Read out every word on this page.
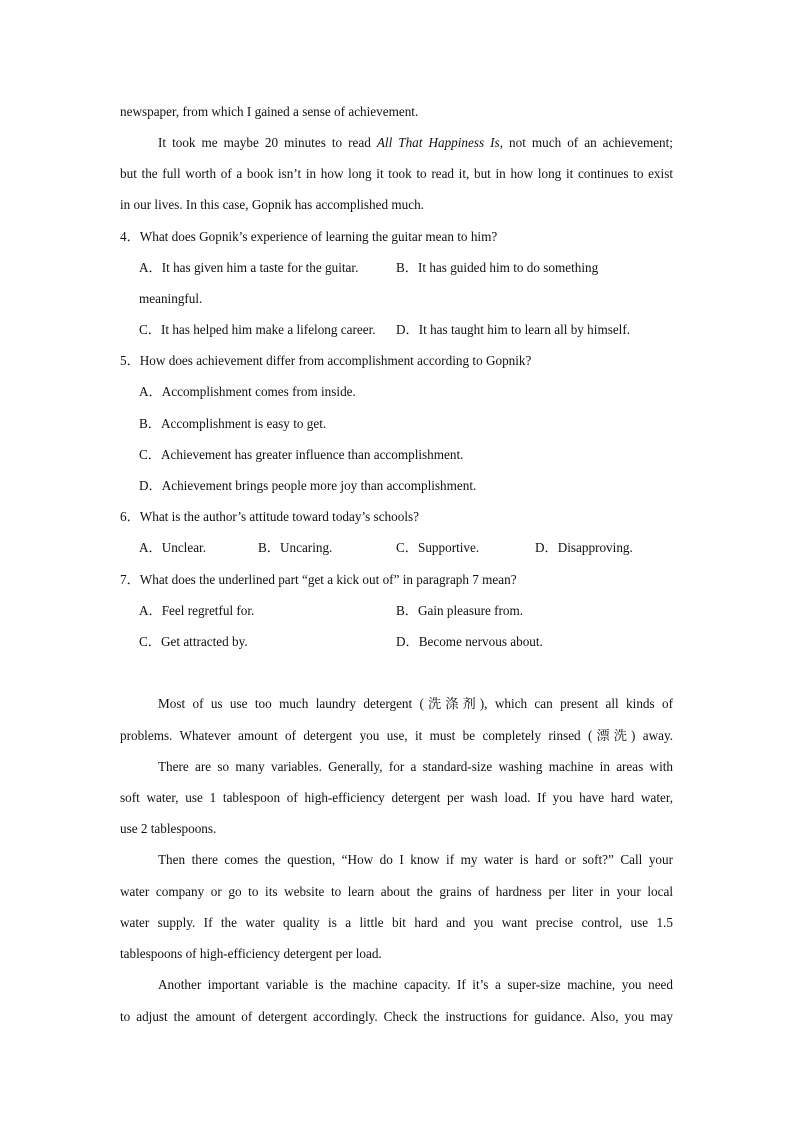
newspaper, from which I gained a sense of achievement.
It took me maybe 20 minutes to read All That Happiness Is, not much of an achievement;
but the full worth of a book isn’t in how long it took to read it, but in how long it continues to exist
in our lives. In this case, Gopnik has accomplished much.
4．What does Gopnik’s experience of learning the guitar mean to him?
A．It has given him a taste for the guitar.	B．It has guided him to do something
meaningful.
C．It has helped him make a lifelong career. D．It has taught him to learn all by himself.
5．How does achievement differ from accomplishment according to Gopnik?
A．Accomplishment comes from inside.
B．Accomplishment is easy to get.
C．Achievement has greater influence than accomplishment.
D．Achievement brings people more joy than accomplishment.
6．What is the author’s attitude toward today’s schools?
A．Unclear.	B．Uncaring.	C．Supportive.	D．Disapproving.
7．What does the underlined part “get a kick out of” in paragraph 7 mean?
A．Feel regretful for.	B．Gain pleasure from.
C．Get attracted by.	D．Become nervous about.
Most of us use too much laundry detergent (洗涤剂), which can present all kinds of
problems. Whatever amount of detergent you use, it must be completely rinsed (漂洗) away.
There are so many variables. Generally, for a standard-size washing machine in areas with
soft water, use 1 tablespoon of high-efficiency detergent per wash load. If you have hard water,
use 2 tablespoons.
Then there comes the question, “How do I know if my water is hard or soft?” Call your
water company or go to its website to learn about the grains of hardness per liter in your local
water supply. If the water quality is a little bit hard and you want precise control, use 1.5
tablespoons of high-efficiency detergent per load.
Another important variable is the machine capacity. If it’s a super-size machine, you need
to adjust the amount of detergent accordingly. Check the instructions for guidance. Also, you may
